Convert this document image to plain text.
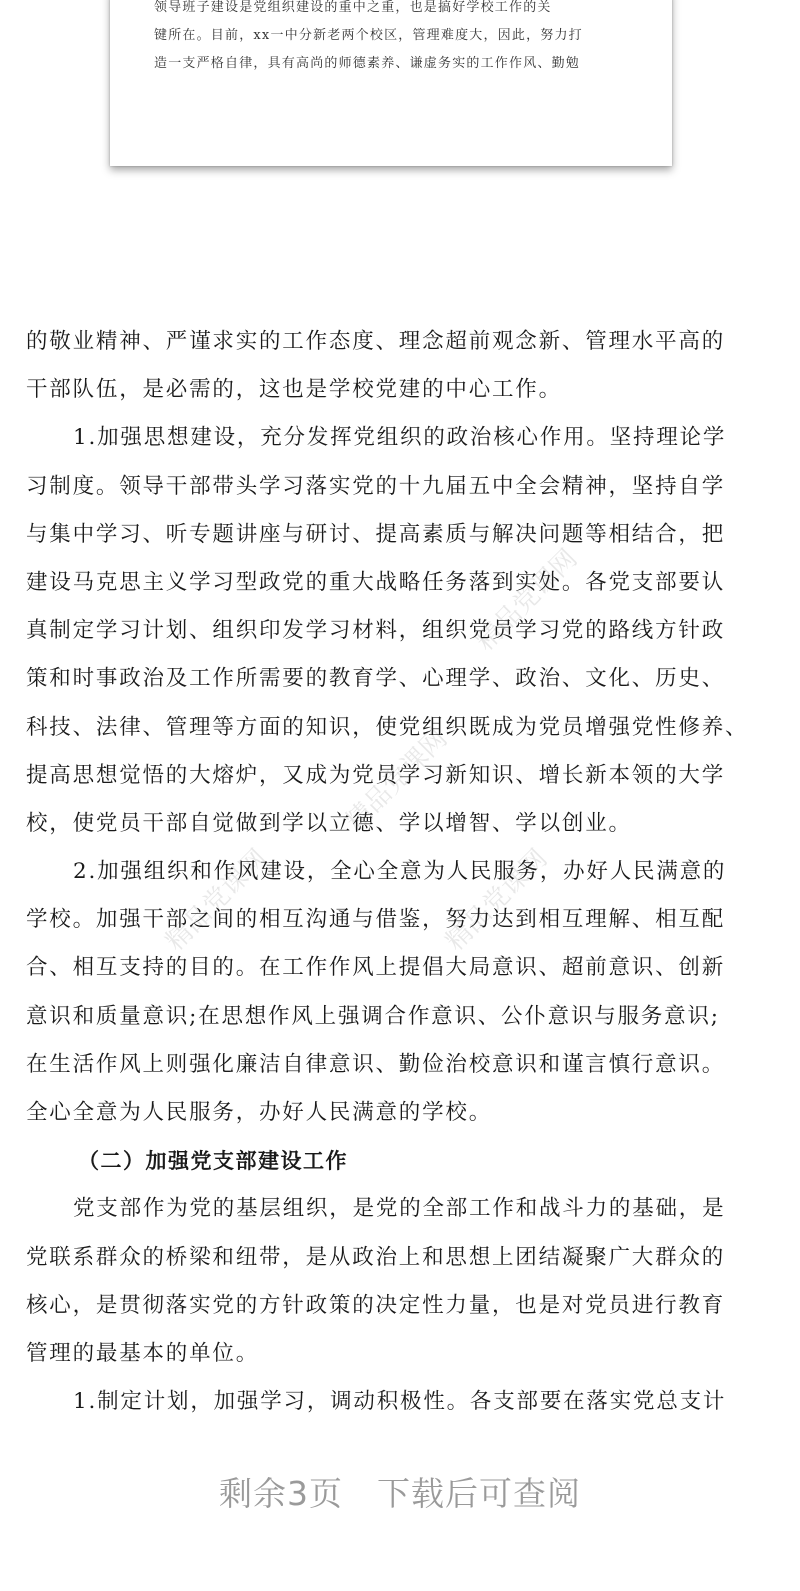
领导班子建设是党组织建设的重中之重，也是搞好学校工作的关
键所在。目前，xx一中分新老两个校区，管理难度大，因此，努力打
造一支严格自律，具有高尚的师德素养、谦虚务实的工作作风、勤勉
精品党课网
精品党课网
精品党课网
精品党课网
的敬业精神、严谨求实的工作态度、理念超前观念新、管理水平高的
干部队伍，是必需的，这也是学校党建的中心工作。
1.加强思想建设，充分发挥党组织的政治核心作用。坚持理论学
习制度。领导干部带头学习落实党的十九届五中全会精神，坚持自学
与集中学习、听专题讲座与研讨、提高素质与解决问题等相结合，把
建设马克思主义学习型政党的重大战略任务落到实处。各党支部要认
真制定学习计划、组织印发学习材料，组织党员学习党的路线方针政
策和时事政治及工作所需要的教育学、心理学、政治、文化、历史、
科技、法律、管理等方面的知识，使党组织既成为党员增强党性修养、
提高思想觉悟的大熔炉，又成为党员学习新知识、增长新本领的大学
校，使党员干部自觉做到学以立德、学以增智、学以创业。
2.加强组织和作风建设，全心全意为人民服务，办好人民满意的
学校。加强干部之间的相互沟通与借鉴，努力达到相互理解、相互配
合、相互支持的目的。在工作作风上提倡大局意识、超前意识、创新
意识和质量意识;在思想作风上强调合作意识、公仆意识与服务意识;
在生活作风上则强化廉洁自律意识、勤俭治校意识和谨言慎行意识。
全心全意为人民服务，办好人民满意的学校。
（二）加强党支部建设工作
党支部作为党的基层组织，是党的全部工作和战斗力的基础，是
党联系群众的桥梁和纽带，是从政治上和思想上团结凝聚广大群众的
核心，是贯彻落实党的方针政策的决定性力量，也是对党员进行教育
管理的最基本的单位。
1.制定计划，加强学习，调动积极性。各支部要在落实党总支计
剩余3页 下载后可查阅
